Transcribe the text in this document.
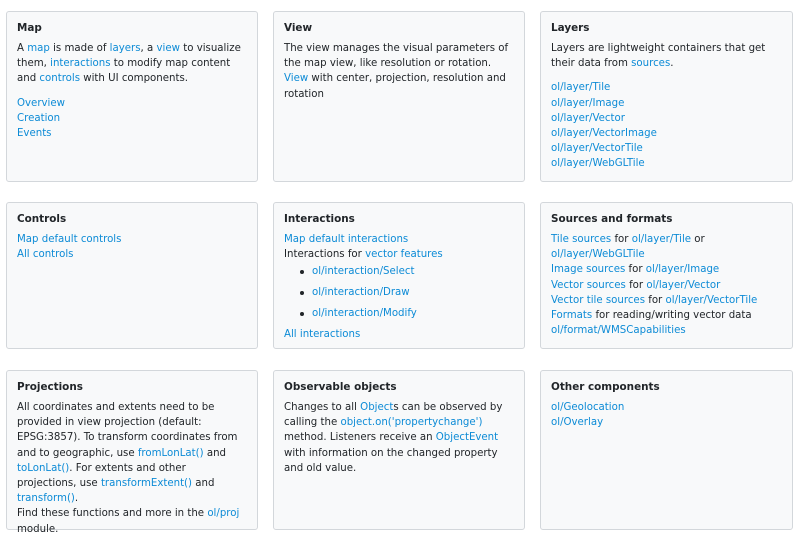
Map

A map is made of layers, a view to visualize them, interactions to modify map content and controls with UI components.

Overview
Creation
Events
View

The view manages the visual parameters of the map view, like resolution or rotation.

View with center, projection, resolution and rotation

Layers

Layers are lightweight containers that get their data from sources.

ol/layer/Tile
ol/layer/Image
ol/layer/Vector
ol/layer/VectorImage
ol/layer/VectorTile
ol/layer/WebGLTile
Controls
Map default controls
All controls
Interactions
Map default interactions

Interactions for vector features

ol/interaction/Select
ol/interaction/Draw
ol/interaction/Modify
All interactions
Sources and formats

Tile sources for ol/layer/Tile or ol/layer/WebGLTile

Image sources for ol/layer/Image

Vector sources for ol/layer/Vector

Vector tile sources for ol/layer/VectorTile

Formats for reading/writing vector data

ol/format/WMSCapabilities
Projections

All coordinates and extents need to be provided in view projection (default: EPSG:3857). To transform coordinates from and to geographic, use fromLonLat() and toLonLat(). For extents and other projections, use transformExtent() and transform().

Find these functions and more in the ol/proj module.

Observable objects

Changes to all Objects can be observed by calling the object.on('propertychange') method. Listeners receive an ObjectEvent with information on the changed property and old value.

Other components
ol/Geolocation
ol/Overlay
